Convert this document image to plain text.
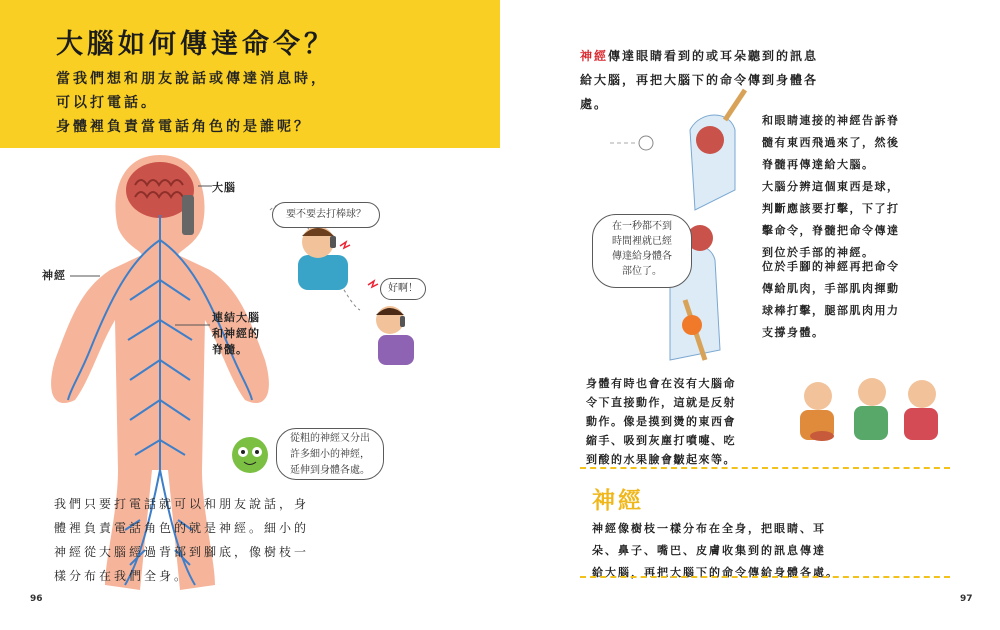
大腦如何傳達命令？
當我們想和朋友說話或傳達消息時，
可以打電話。
身體裡負責當電話角色的是誰呢？
大腦
神經
連結大腦
和神經的
脊髓。
要不要去打棒球？
好啊！
從粗的神經又分出
許多細小的神經，
延伸到身體各處。

我們只要打電話就可以和朋友說話，身

體裡負責電話角色的就是神經。細小的

神經從大腦經過背部到腳底，像樹枝一

樣分布在我們全身。

96

神經傳達眼睛看到的或耳朵聽到的訊息

給大腦，再把大腦下的命令傳到身體各

處。

和眼睛連接的神經告訴脊

髓有東西飛過來了，然後

脊髓再傳達給大腦。

大腦分辨這個東西是球，

判斷應該要打擊，下了打

擊命令，脊髓把命令傳達

到位於手部的神經。

位於手腳的神經再把命令

傳給肌肉，手部肌肉揮動

球棒打擊，腿部肌肉用力

支撐身體。

在一秒都不到
時間裡就已經
傳達給身體各
部位了。

身體有時也會在沒有大腦命

令下直接動作，這就是反射

動作。像是摸到燙的東西會

縮手、吸到灰塵打噴嚏、吃

到酸的水果臉會皺起來等。

97
神經

神經像樹枝一樣分布在全身，把眼睛、耳

朵、鼻子、嘴巴、皮膚收集到的訊息傳達

給大腦，再把大腦下的命令傳給身體各處。
